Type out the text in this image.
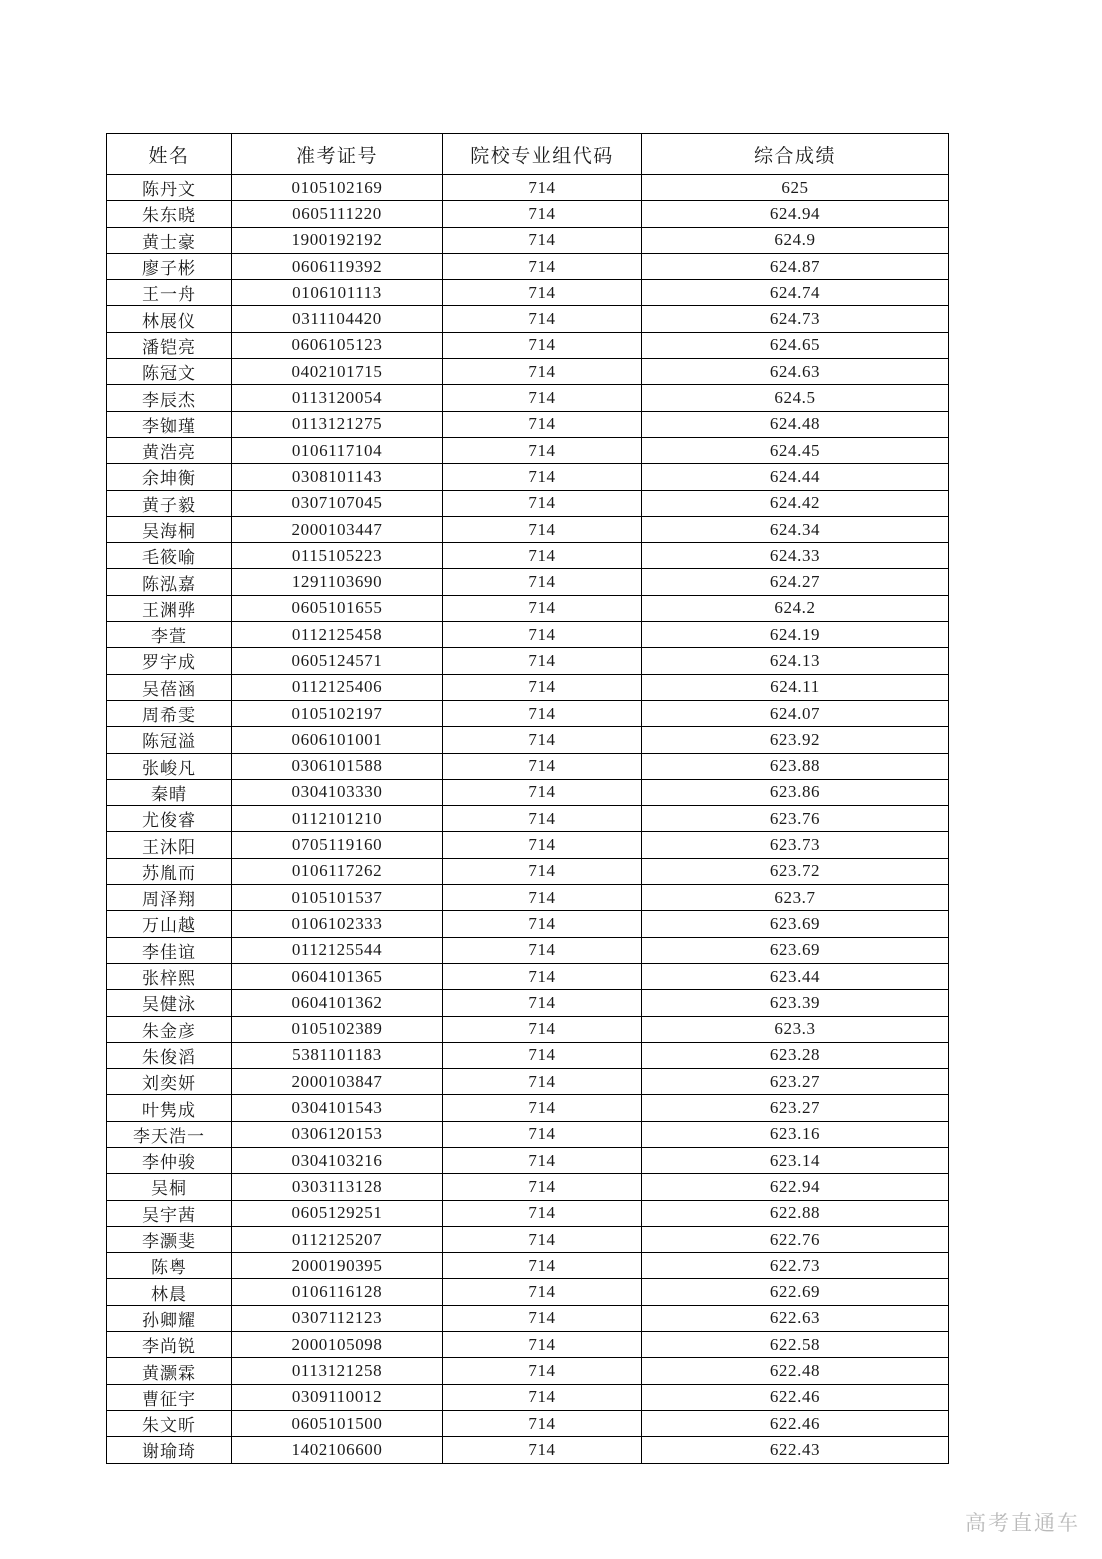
姓名	准考证号	院校专业组代码	综合成绩
陈丹文	0105102169	714	625
朱东晓	0605111220	714	624.94
黄士豪	1900192192	714	624.9
廖子彬	0606119392	714	624.87
王一舟	0106101113	714	624.74
林展仪	0311104420	714	624.73
潘铠亮	0606105123	714	624.65
陈冠文	0402101715	714	624.63
李辰杰	0113120054	714	624.5
李铷瑾	0113121275	714	624.48
黄浩亮	0106117104	714	624.45
余坤衡	0308101143	714	624.44
黄子毅	0307107045	714	624.42
吴海桐	2000103447	714	624.34
毛筱喻	0115105223	714	624.33
陈泓嘉	1291103690	714	624.27
王渊骅	0605101655	714	624.2
李萱	0112125458	714	624.19
罗宇成	0605124571	714	624.13
吴蓓涵	0112125406	714	624.11
周希雯	0105102197	714	624.07
陈冠溢	0606101001	714	623.92
张峻凡	0306101588	714	623.88
秦晴	0304103330	714	623.86
尤俊睿	0112101210	714	623.76
王沐阳	0705119160	714	623.73
苏胤而	0106117262	714	623.72
周泽翔	0105101537	714	623.7
万山越	0106102333	714	623.69
李佳谊	0112125544	714	623.69
张梓熙	0604101365	714	623.44
吴健泳	0604101362	714	623.39
朱金彦	0105102389	714	623.3
朱俊滔	5381101183	714	623.28
刘奕妍	2000103847	714	623.27
叶隽成	0304101543	714	623.27
李天浩一	0306120153	714	623.16
李仲骏	0304103216	714	623.14
吴桐	0303113128	714	622.94
吴宇茜	0605129251	714	622.88
李灏斐	0112125207	714	622.76
陈粤	2000190395	714	622.73
林晨	0106116128	714	622.69
孙卿耀	0307112123	714	622.63
李尚锐	2000105098	714	622.58
黄灏霖	0113121258	714	622.48
曹征宇	0309110012	714	622.46
朱文昕	0605101500	714	622.46
谢瑜琦	1402106600	714	622.43
高考直通车
